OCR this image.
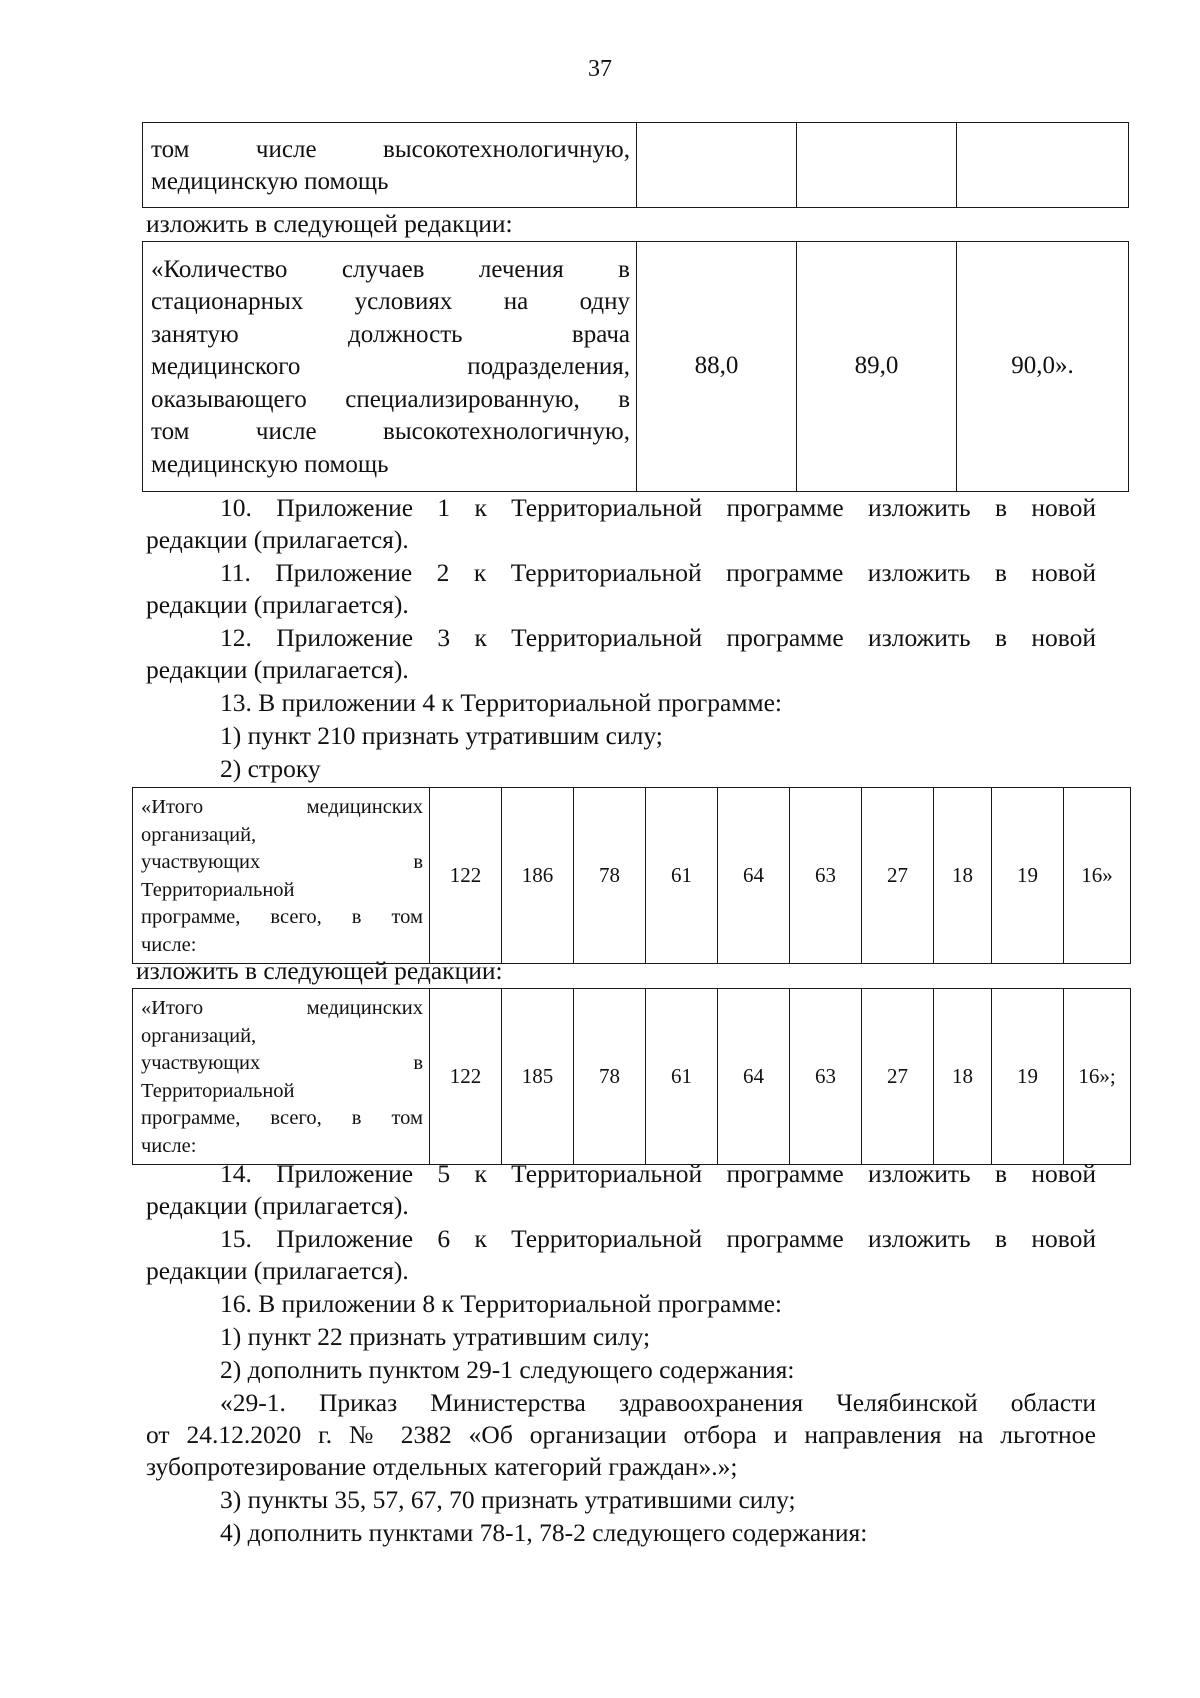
37
том числе высокотехнологичную,
медицинскую помощь

изложить в следующей редакции:
«Количество случаев лечения в
стационарных условиях на одну
занятую должность врача
медицинского подразделения,
оказывающего специализированную, в
том числе высокотехнологичную,
медицинскую помощь
	88,0	89,0	90,0».
10. Приложение 1 к Территориальной программе изложить в новой
редакции (прилагается).
11. Приложение 2 к Территориальной программе изложить в новой
редакции (прилагается).
12. Приложение 3 к Территориальной программе изложить в новой
редакции (прилагается).
13. В приложении 4 к Территориальной программе:
1) пункт 210 признать утратившим силу;
2) строку
«Итого медицинских
организаций,
участвующих в
Территориальной
программе, всего, в том
числе:
	122	186	78	61	64	63	27	18	19	16»
изложить в следующей редакции:
«Итого медицинских
организаций,
участвующих в
Территориальной
программе, всего, в том
числе:
	122	185	78	61	64	63	27	18	19	16»;
14. Приложение 5 к Территориальной программе изложить в новой
редакции (прилагается).
15. Приложение 6 к Территориальной программе изложить в новой
редакции (прилагается).
16. В приложении 8 к Территориальной программе:
1) пункт 22 признать утратившим силу;
2) дополнить пунктом 29-1 следующего содержания:
«29-1. Приказ Министерства здравоохранения Челябинской области
от 24.12.2020 г. № 2382 «Об организации отбора и направления на льготное
зубопротезирование отдельных категорий граждан».»;
3) пункты 35, 57, 67, 70 признать утратившими силу;
4) дополнить пунктами 78-1, 78-2 следующего содержания:
